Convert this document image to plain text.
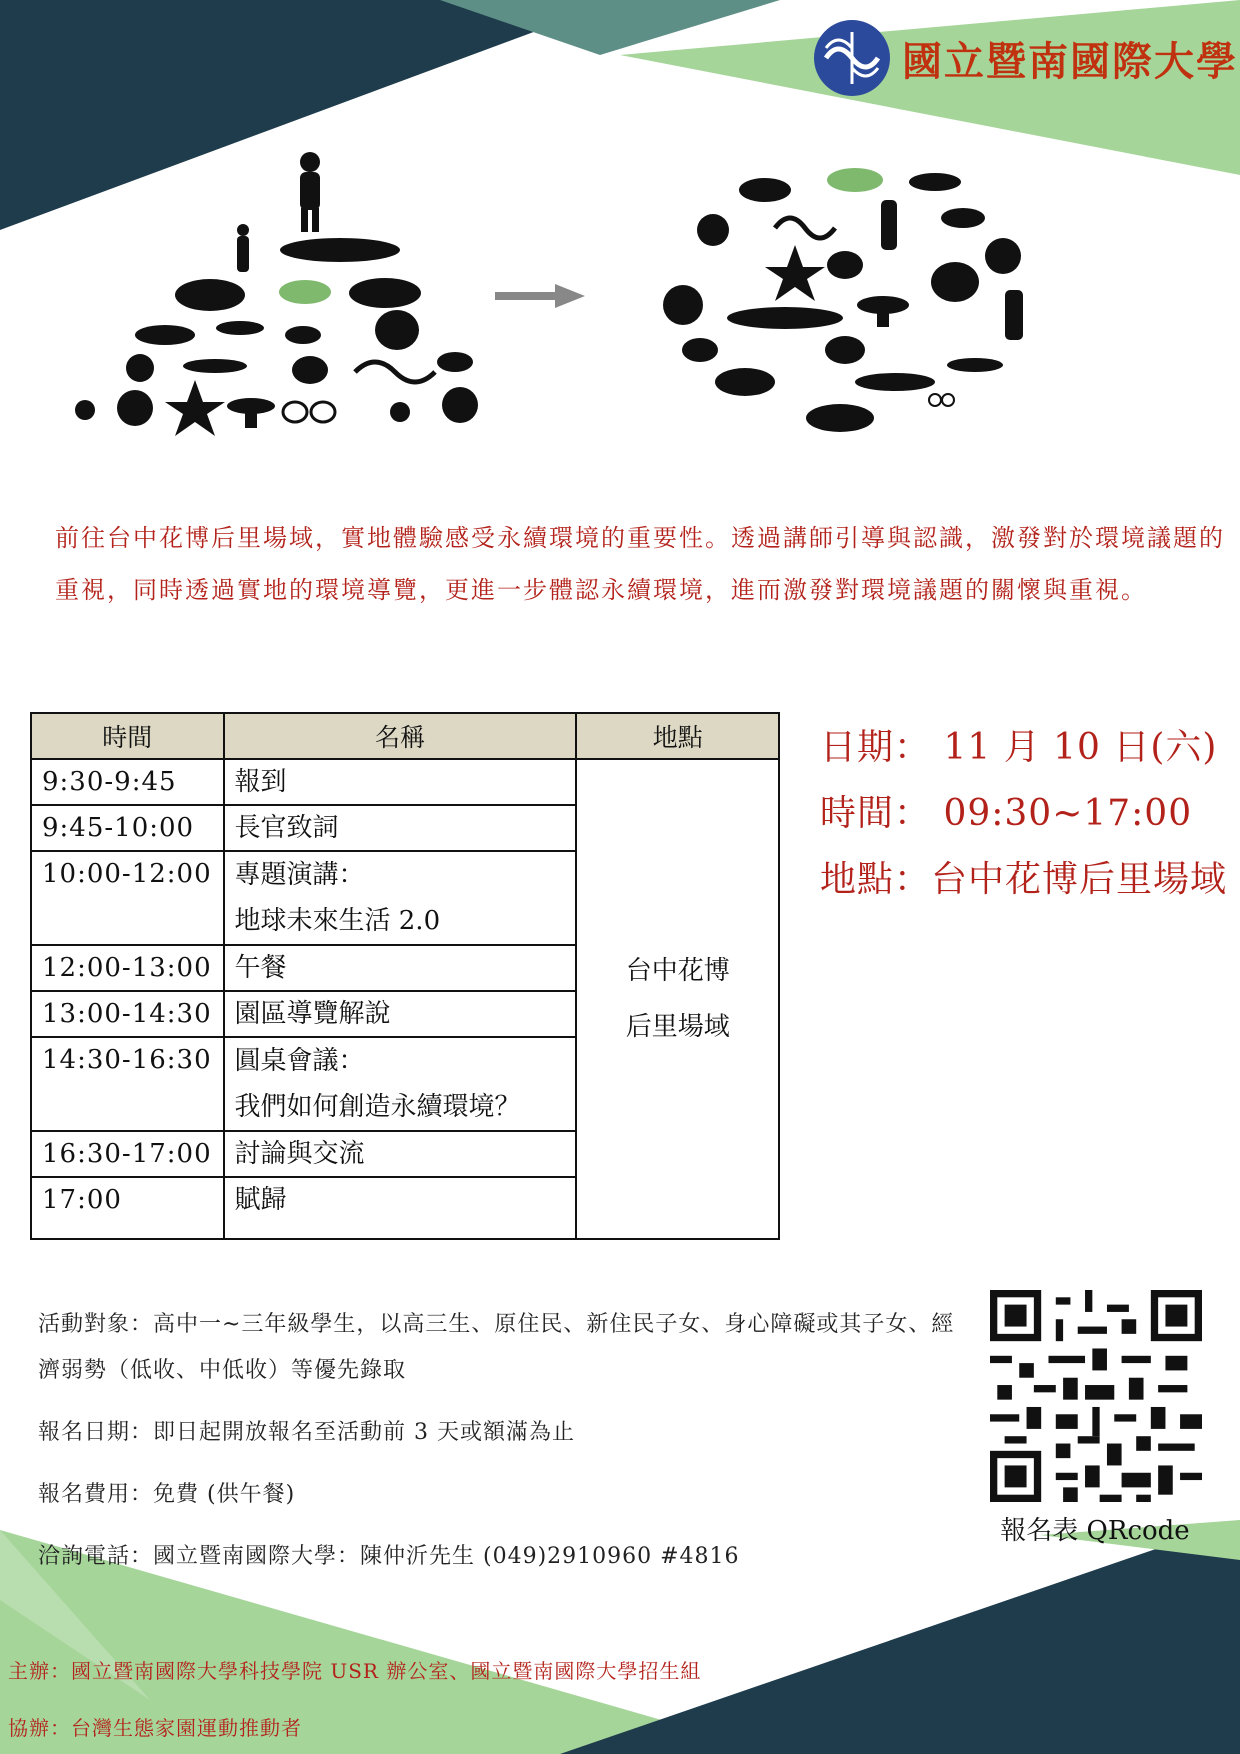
國立暨南國際大學
前往台中花博后里場域，實地體驗感受永續環境的重要性。透過講師引導與認識，激發對於環境議題的重視，同時透過實地的環境導覽，更進一步體認永續環境，進而激發對環境議題的關懷與重視。
時間	名稱	地點
9:30-9:45	報到	台中花博
后里場域

9:45-10:00	長官致詞	
10:00-12:00	專題演講：
地球未來生活 2.0	

12:00-13:00	午餐	
13:00-14:30	園區導覽解說	
14:30-16:30	圓桌會議：
我們如何創造永續環境？	

16:30-17:00	討論與交流	
17:00	賦歸	
日期： 11 月 10 日(六)
時間： 09:30~17:00
地點：台中花博后里場域

活動對象：高中一~三年級學生，以高三生、原住民、新住民子女、身心障礙或其子女、經濟弱勢（低收、中低收）等優先錄取

報名日期：即日起開放報名至活動前 3 天或額滿為止

報名費用：免費 (供午餐)

洽詢電話：國立暨南國際大學：陳仲沂先生 (049)2910960 #4816

報名表 QRcode
主辦：國立暨南國際大學科技學院 USR 辦公室、國立暨南國際大學招生組
協辦：台灣生態家園運動推動者
